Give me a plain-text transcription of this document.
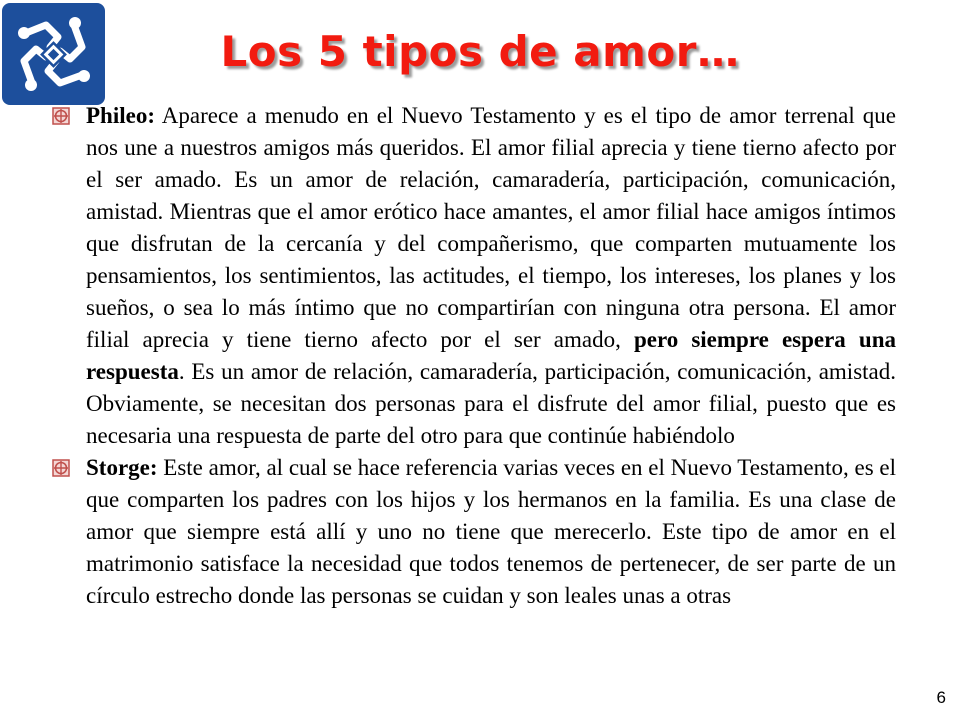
Los 5 tipos de amor…

Phileo: Aparece a menudo en el Nuevo Testamento y es el tipo de amor terrenal que nos une a nuestros amigos más queridos. El amor filial aprecia y tiene tierno afecto por el ser amado. Es un amor de relación, camaradería, participación, comunicación, amistad. Mientras que el amor erótico hace amantes, el amor filial hace amigos íntimos que disfrutan de la cercanía y del compañerismo, que comparten mutuamente los pensamientos, los sentimientos, las actitudes, el tiempo, los intereses, los planes y los sueños, o sea lo más íntimo que no compartirían con ninguna otra persona. El amor filial aprecia y tiene tierno afecto por el ser amado, pero siempre espera una respuesta. Es un amor de relación, camaradería, participación, comunicación, amistad. Obviamente, se necesitan dos personas para el disfrute del amor filial, puesto que es necesaria una respuesta de parte del otro para que continúe habiéndolo

Storge: Este amor, al cual se hace referencia varias veces en el Nuevo Testamento, es el que comparten los padres con los hijos y los hermanos en la familia. Es una clase de amor que siempre está allí y uno no tiene que merecerlo. Este tipo de amor en el matrimonio satisface la necesidad que todos tenemos de pertenecer, de ser parte de un círculo estrecho donde las personas se cuidan y son leales unas a otras

6
